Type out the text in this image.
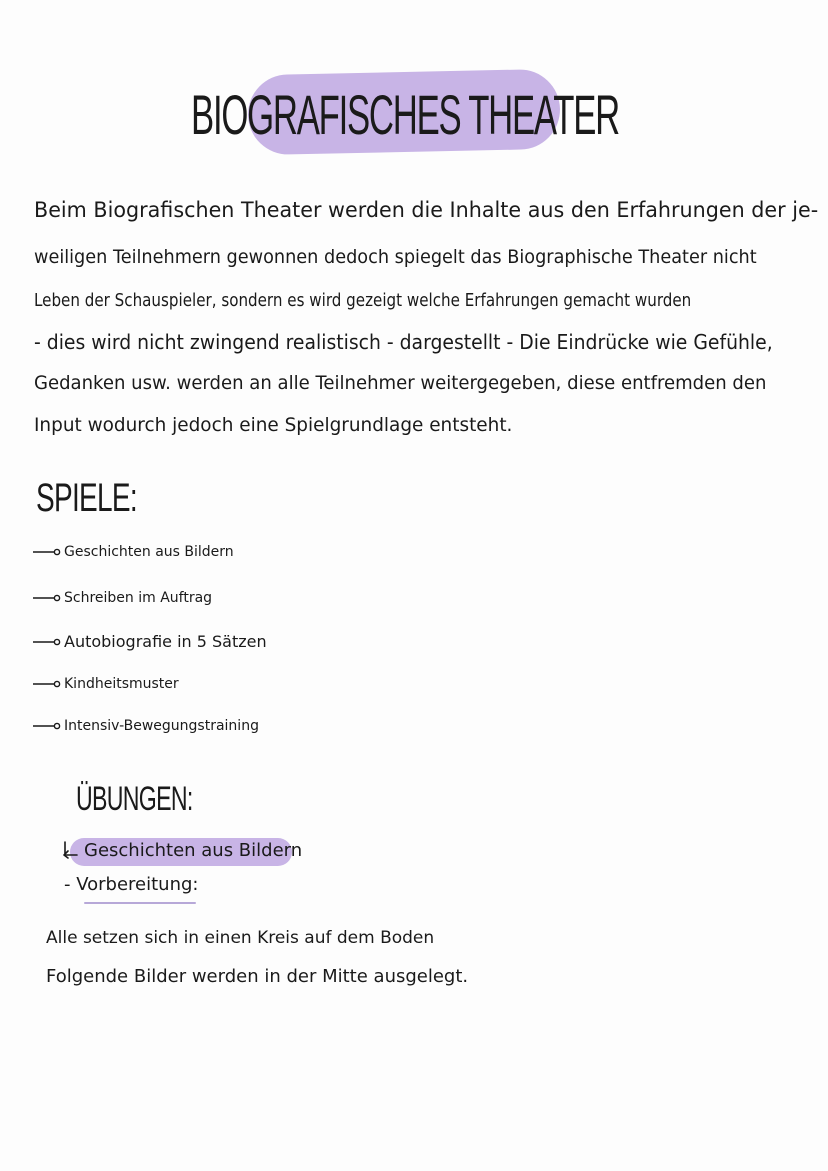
BIOGRAFISCHES THEATER
Beim Biografischen Theater werden die Inhalte aus den Erfahrungen der je-
weiligen Teilnehmern gewonnen dedoch spiegelt das Biographische Theater nicht
Leben der Schauspieler, sondern es wird gezeigt welche Erfahrungen gemacht wurden
- dies wird nicht zwingend realistisch - dargestellt - Die Eindrücke wie Gefühle,
Gedanken usw. werden an alle Teilnehmer weitergegeben, diese entfremden den
Input wodurch jedoch eine Spielgrundlage entsteht.
SPIELE:
Geschichten aus Bildern
Schreiben im Auftrag
Autobiografie in 5 Sätzen
Kindheitsmuster
Intensiv-Bewegungstraining
ÜBUNGEN:
Geschichten aus Bildern
- Vorbereitung:
Alle setzen sich in einen Kreis auf dem Boden
Folgende Bilder werden in der Mitte ausgelegt.
